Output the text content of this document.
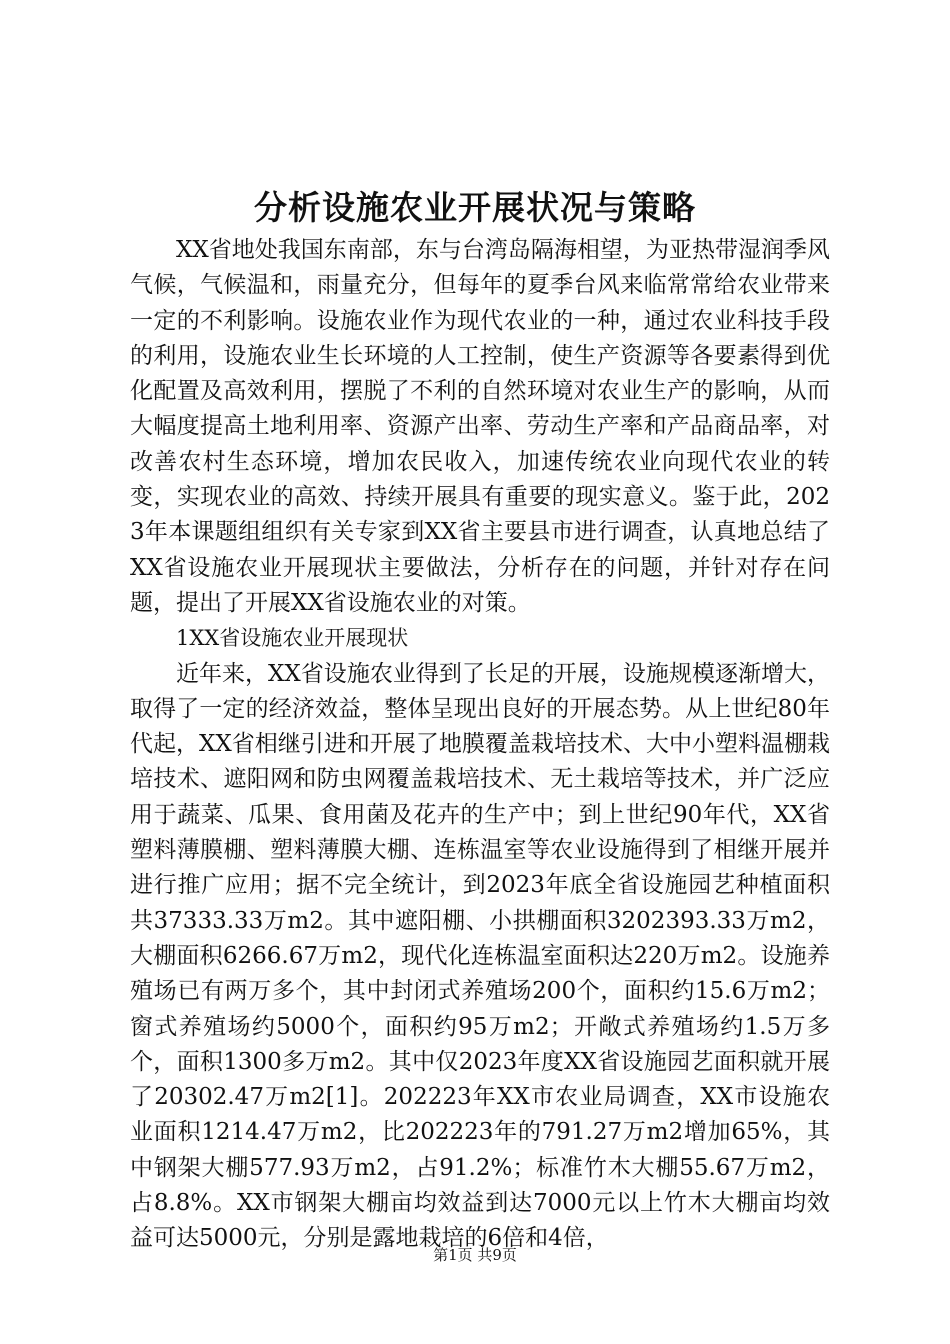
分析设施农业开展状况与策略

XX省地处我国东南部，东与台湾岛隔海相望，为亚热带湿润季风气候，气候温和，雨量充分，但每年的夏季台风来临常常给农业带来一定的不利影响。设施农业作为现代农业的一种，通过农业科技手段的利用，设施农业生长环境的人工控制，使生产资源等各要素得到优化配置及高效利用，摆脱了不利的自然环境对农业生产的影响，从而大幅度提高土地利用率、资源产出率、劳动生产率和产品商品率，对改善农村生态环境，增加农民收入，加速传统农业向现代农业的转变，实现农业的高效、持续开展具有重要的现实意义。鉴于此，2023年本课题组组织有关专家到XX省主要县市进行调查，认真地总结了XX省设施农业开展现状主要做法，分析存在的问题，并针对存在问题，提出了开展XX省设施农业的对策。

1XX省设施农业开展现状

近年来，XX省设施农业得到了长足的开展，设施规模逐渐增大，取得了一定的经济效益，整体呈现出良好的开展态势。从上世纪80年代起，XX省相继引进和开展了地膜覆盖栽培技术、大中小塑料温棚栽培技术、遮阳网和防虫网覆盖栽培技术、无土栽培等技术，并广泛应用于蔬菜、瓜果、食用菌及花卉的生产中；到上世纪90年代，XX省塑料薄膜棚、塑料薄膜大棚、连栋温室等农业设施得到了相继开展并进行推广应用；据不完全统计，到2023年底全省设施园艺种植面积共37333.33万m2。其中遮阳棚、小拱棚面积3202393.33万m2，大棚面积6266.67万m2，现代化连栋温室面积达220万m2。设施养殖场已有两万多个，其中封闭式养殖场200个，面积约15.6万m2；窗式养殖场约5000个，面积约95万m2；开敞式养殖场约1.5万多个，面积1300多万m2。其中仅2023年度XX省设施园艺面积就开展了20302.47万m2[1]。202223年XX市农业局调查，XX市设施农业面积1214.47万m2，比202223年的791.27万m2增加65%，其中钢架大棚577.93万m2，占91.2%；标准竹木大棚55.67万m2，占8.8%。XX市钢架大棚亩均效益到达7000元以上竹木大棚亩均效益可达5000元，分别是露地栽培的6倍和4倍，

第1页 共9页
